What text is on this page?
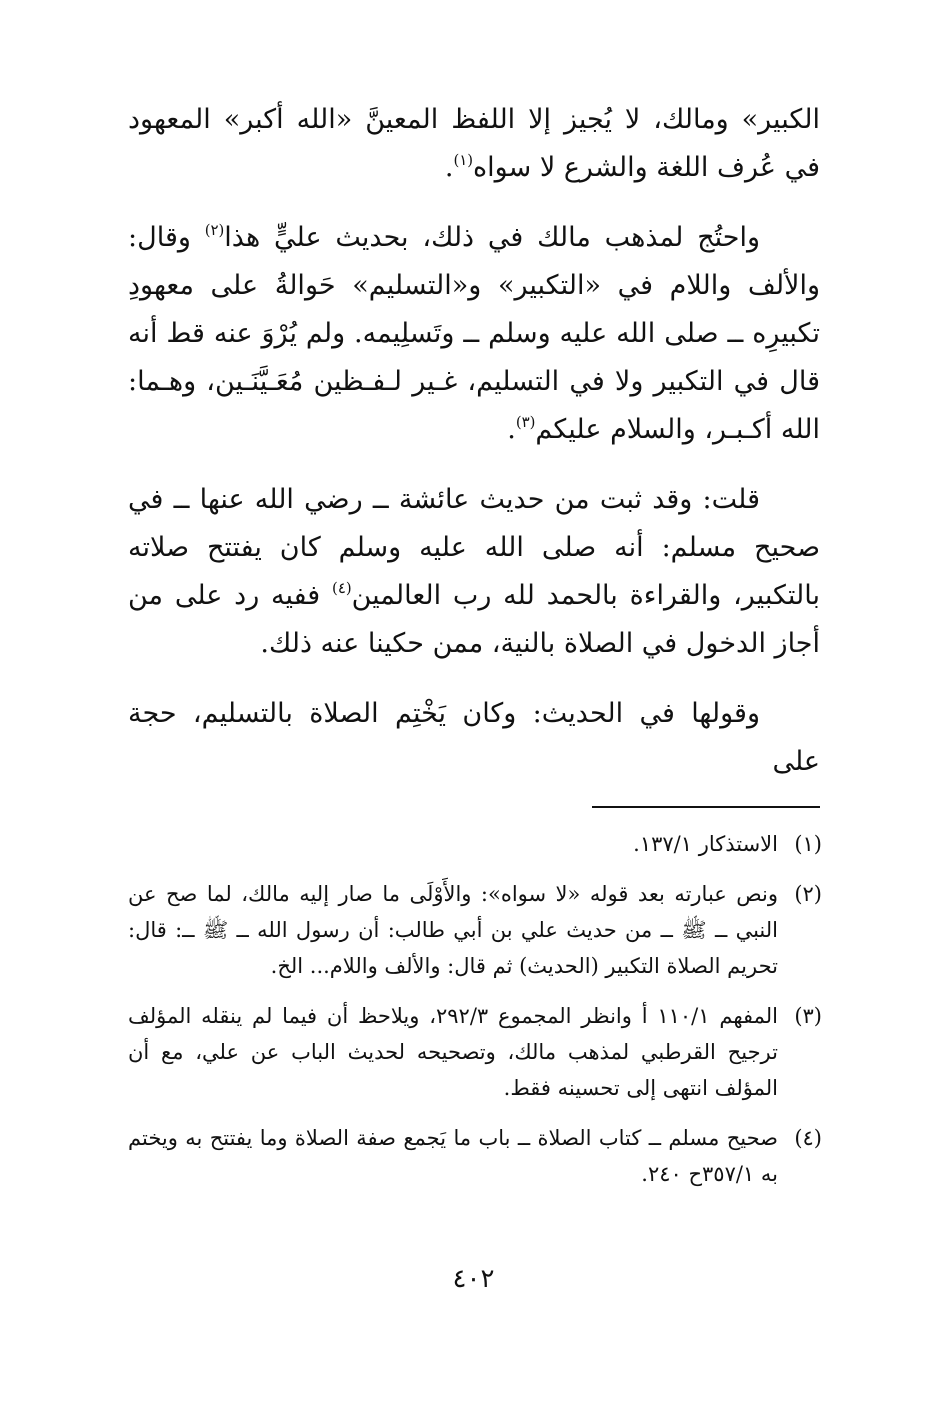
الكبير» ومالك، لا يُجيز إلا اللفظ المعينَّ «الله أكبر» المعهود في عُرف اللغة والشرع لا سواه$^{(١)}$.

واحتُج لمذهب مالك في ذلك، بحديث عليٍّ هذا$^{(٢)}$ وقال: والألف واللام في «التكبير» و«التسليم» حَوالةُ على معهودِ تكبيرِه ــ صلى الله عليه وسلم ــ وتَسلِيمه. ولم يُرْوَ عنه قط أنه قال في التكبير ولا في التسليم، غـير لـفـظين مُعَـيَّنَـين، وهـما: الله أكـبـر، والسلام عليكم$^{(٣)}$.

قلت: وقد ثبت من حديث عائشة ــ رضي الله عنها ــ في صحيح مسلم: أنه صلى الله عليه وسلم كان يفتتح صلاته بالتكبير، والقراءة بالحمد لله رب العالمين$^{(٤)}$ ففيه رد على من أجاز الدخول في الصلاة بالنية، ممن حكينا عنه ذلك.

وقولها في الحديث: وكان يَخْتِم الصلاة بالتسليم، حجة على

(١)
الاستذكار ١٣٧/١.
(٢)
ونص عبارته بعد قوله «لا سواه»: والأَوْلَى ما صار إليه مالك، لما صح عن النبي ــ ﷺ ــ من حديث علي بن أبي طالب: أن رسول الله ــ ﷺ ــ: قال: تحريم الصلاة التكبير (الحديث) ثم قال: والألف واللام... الخ.
(٣)
المفهم ١١٠/١ أ وانظر المجموع ٢٩٢/٣، ويلاحظ أن فيما لم ينقله المؤلف ترجيح القرطبي لمذهب مالك، وتصحيحه لحديث الباب عن علي، مع أن المؤلف انتهى إلى تحسينه فقط.
(٤)
صحيح مسلم ــ كتاب الصلاة ــ باب ما يَجمع صفة الصلاة وما يفتتح به ويختم به ٣٥٧/١ح ٢٤٠.
٤٠٢
